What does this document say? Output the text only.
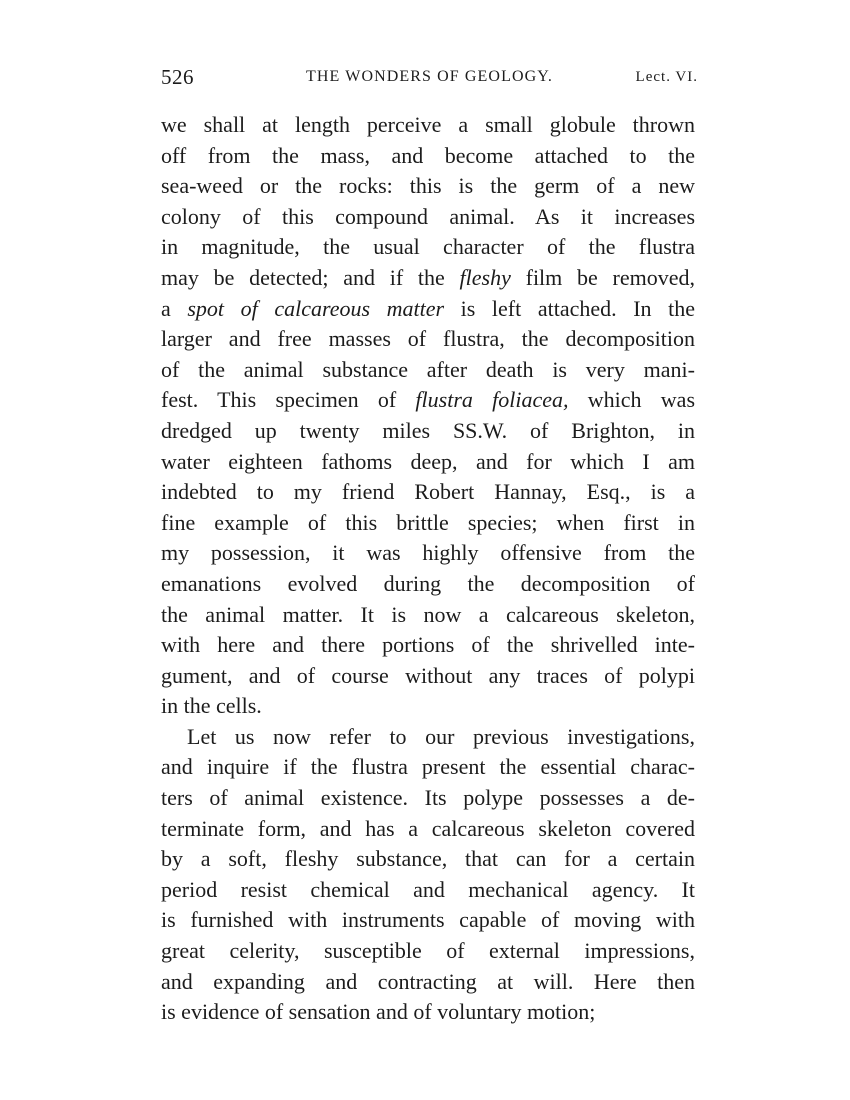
526	THE WONDERS OF GEOLOGY.	Lect. VI.
we shall at length perceive a small globule thrown
off from the mass, and become attached to the
sea-weed or the rocks: this is the germ of a new
colony of this compound animal. As it increases
in magnitude, the usual character of the flustra
may be detected; and if the fleshy film be removed,
a spot of calcareous matter is left attached. In the
larger and free masses of flustra, the decomposition
of the animal substance after death is very mani-
fest. This specimen of flustra foliacea, which was
dredged up twenty miles SS.W. of Brighton, in
water eighteen fathoms deep, and for which I am
indebted to my friend Robert Hannay, Esq., is a
fine example of this brittle species; when first in
my possession, it was highly offensive from the
emanations evolved during the decomposition of
the animal matter. It is now a calcareous skeleton,
with here and there portions of the shrivelled inte-
gument, and of course without any traces of polypi
in the cells.
Let us now refer to our previous investigations,
and inquire if the flustra present the essential charac-
ters of animal existence. Its polype possesses a de-
terminate form, and has a calcareous skeleton covered
by a soft, fleshy substance, that can for a certain
period resist chemical and mechanical agency. It
is furnished with instruments capable of moving with
great celerity, susceptible of external impressions,
and expanding and contracting at will. Here then
is evidence of sensation and of voluntary motion;
